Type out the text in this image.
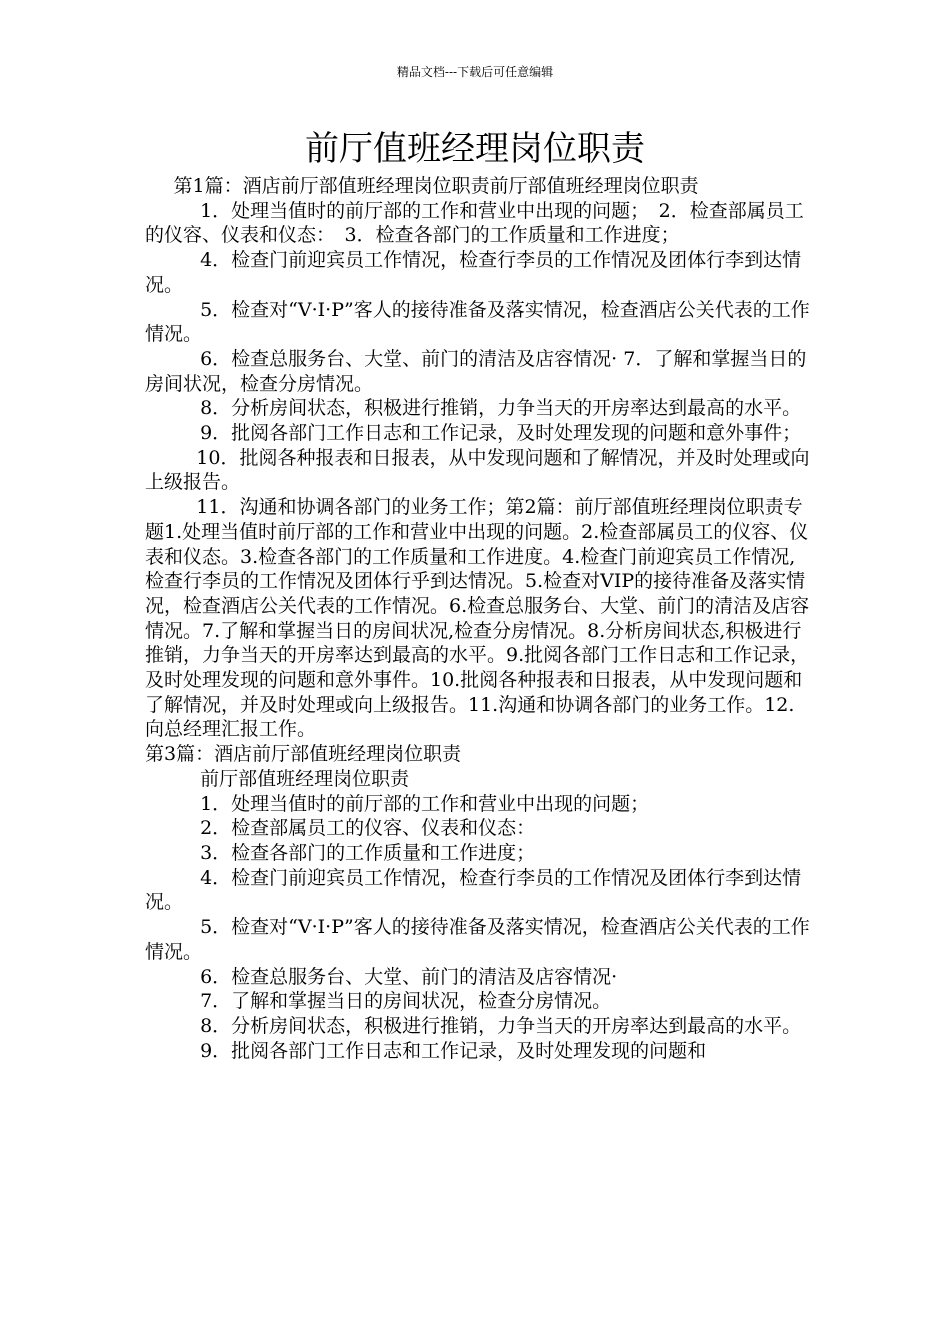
精品文档---下载后可任意编辑
前厅值班经理岗位职责

第1篇：酒店前厅部值班经理岗位职责前厅部值班经理岗位职责

1．处理当值时的前厅部的工作和营业中出现的问题；　2．检查部属员工的仪容、仪表和仪态：　3．检查各部门的工作质量和工作进度；

4．检查门前迎宾员工作情况，检查行李员的工作情况及团体行李到达情况。

5．检查对“V·I·P”客人的接待准备及落实情况，检查酒店公关代表的工作情况。

6．检查总服务台、大堂、前门的清洁及店容情况· 7．了解和掌握当日的房间状况，检查分房情况。

8．分析房间状态，积极进行推销，力争当天的开房率达到最高的水平。

9．批阅各部门工作日志和工作记录，及时处理发现的问题和意外事件；

10．批阅各种报表和日报表，从中发现问题和了解情况，并及时处理或向上级报告。

11．沟通和协调各部门的业务工作；第2篇：前厅部值班经理岗位职责专题1.处理当值时前厅部的工作和营业中出现的问题。2.检查部属员工的仪容、仪表和仪态。3.检查各部门的工作质量和工作进度。4.检查门前迎宾员工作情况,检查行李员的工作情况及团体行乎到达情况。5.检查对VIP的接待准备及落实情况，检查酒店公关代表的工作情况。6.检查总服务台、大堂、前门的清洁及店容情况。7.了解和掌握当日的房间状况,检查分房情况。8.分析房间状态,积极进行推销，力争当天的开房率达到最高的水平。9.批阅各部门工作日志和工作记录，及时处理发现的问题和意外事件。10.批阅各种报表和日报表，从中发现问题和了解情况，并及时处理或向上级报告。11.沟通和协调各部门的业务工作。12.向总经理汇报工作。

第3篇：酒店前厅部值班经理岗位职责

前厅部值班经理岗位职责

1．处理当值时的前厅部的工作和营业中出现的问题；

2．检查部属员工的仪容、仪表和仪态：

3．检查各部门的工作质量和工作进度；

4．检查门前迎宾员工作情况，检查行李员的工作情况及团体行李到达情况。

5．检查对“V·I·P”客人的接待准备及落实情况，检查酒店公关代表的工作情况。

6．检查总服务台、大堂、前门的清洁及店容情况·

7．了解和掌握当日的房间状况，检查分房情况。

8．分析房间状态，积极进行推销，力争当天的开房率达到最高的水平。

9．批阅各部门工作日志和工作记录，及时处理发现的问题和
